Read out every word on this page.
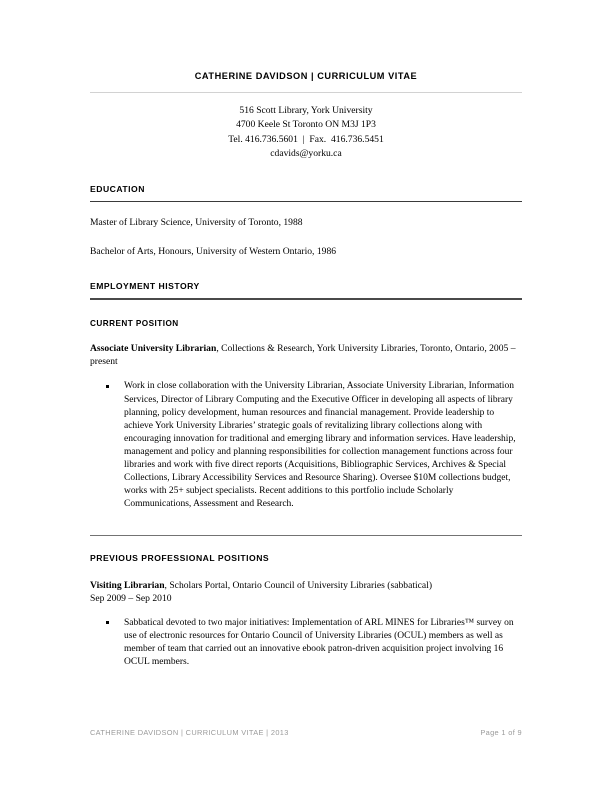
CATHERINE DAVIDSON | CURRICULUM VITAE
516 Scott Library, York University
4700 Keele St Toronto ON M3J 1P3
Tel. 416.736.5601  |  Fax.  416.736.5451
cdavids@yorku.ca
EDUCATION
Master of Library Science, University of Toronto, 1988
Bachelor of Arts, Honours, University of Western Ontario, 1986
EMPLOYMENT HISTORY
CURRENT POSITION
Associate University Librarian, Collections & Research, York University Libraries, Toronto, Ontario, 2005 – present
Work in close collaboration with the University Librarian, Associate University Librarian, Information Services, Director of Library Computing and the Executive Officer in developing all aspects of library planning, policy development, human resources and financial management. Provide leadership to achieve York University Libraries’ strategic goals of revitalizing library collections along with encouraging innovation for traditional and emerging library and information services. Have leadership, management and policy and planning responsibilities for collection management functions across four libraries and work with five direct reports (Acquisitions, Bibliographic Services, Archives & Special Collections, Library Accessibility Services and Resource Sharing). Oversee $10M collections budget, works with 25+ subject specialists. Recent additions to this portfolio include Scholarly Communications, Assessment and Research.
PREVIOUS PROFESSIONAL POSITIONS
Visiting Librarian, Scholars Portal, Ontario Council of University Libraries (sabbatical)
Sep 2009 – Sep 2010
Sabbatical devoted to two major initiatives: Implementation of ARL MINES for Libraries™ survey on use of electronic resources for Ontario Council of University Libraries (OCUL) members as well as member of team that carried out an innovative ebook patron-driven acquisition project involving 16 OCUL members.
CATHERINE DAVIDSON | CURRICULUM VITAE | 2013	Page 1 of 9
